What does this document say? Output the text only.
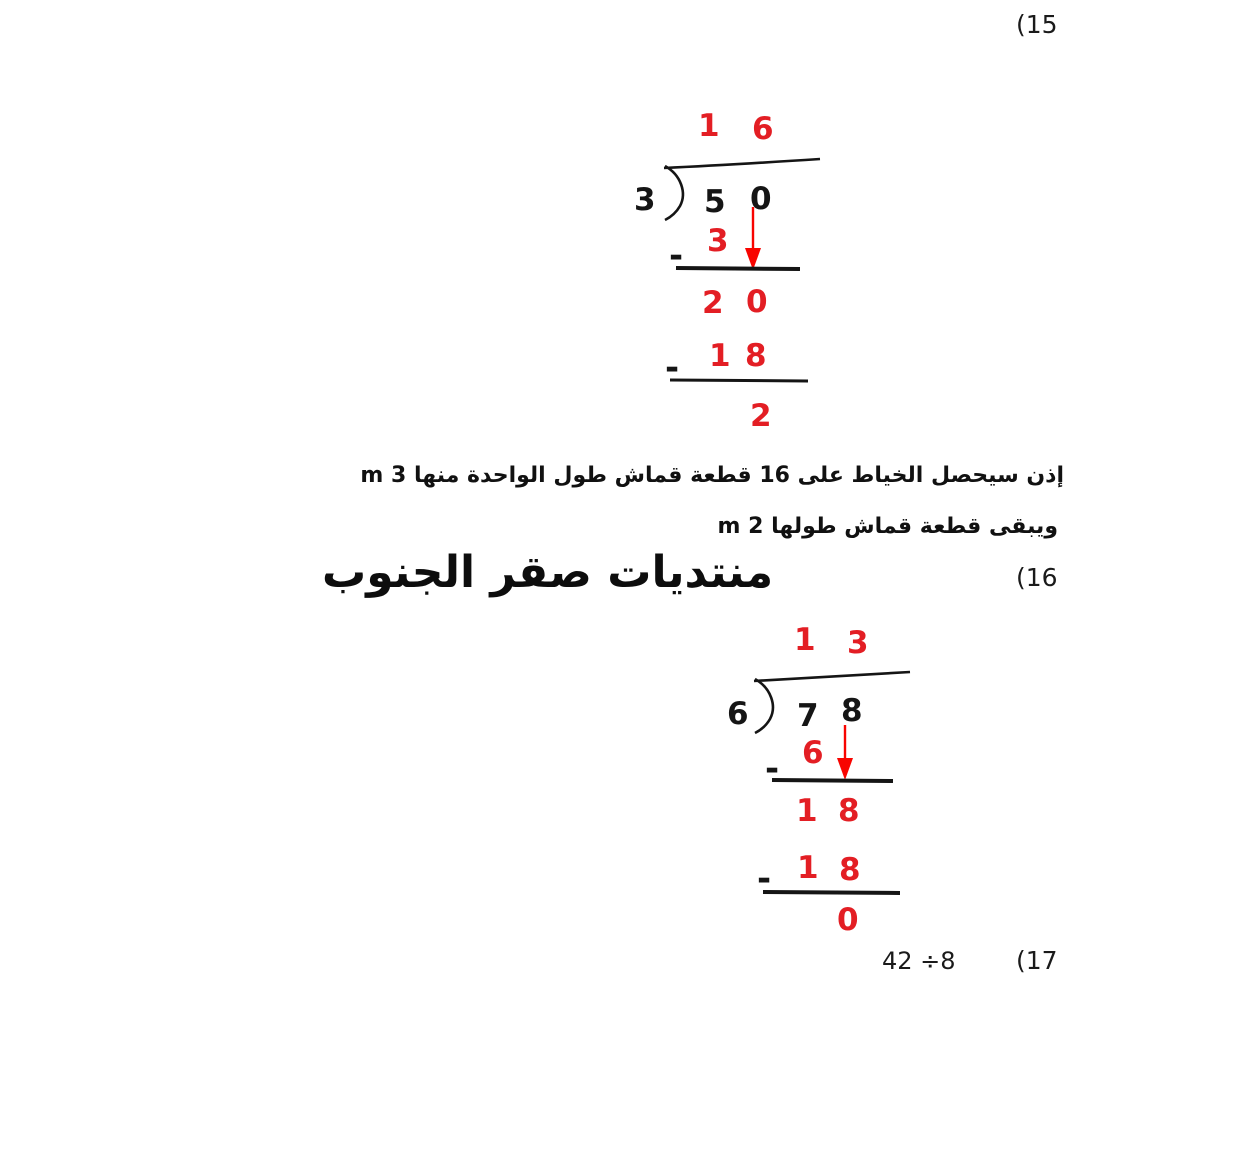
(15
1 6
3 5 0
3
-
2 0
1 8
-
2
إذن سيحصل الخياط على 16 قطعة قماش طول الواحدة منها 3 m
ويبقى قطعة قماش طولها 2 m
منتديات صقر الجنوب	(16
1 3
6 7 8
6
-
1 8
1 8
-
0
42 ÷8 (17
